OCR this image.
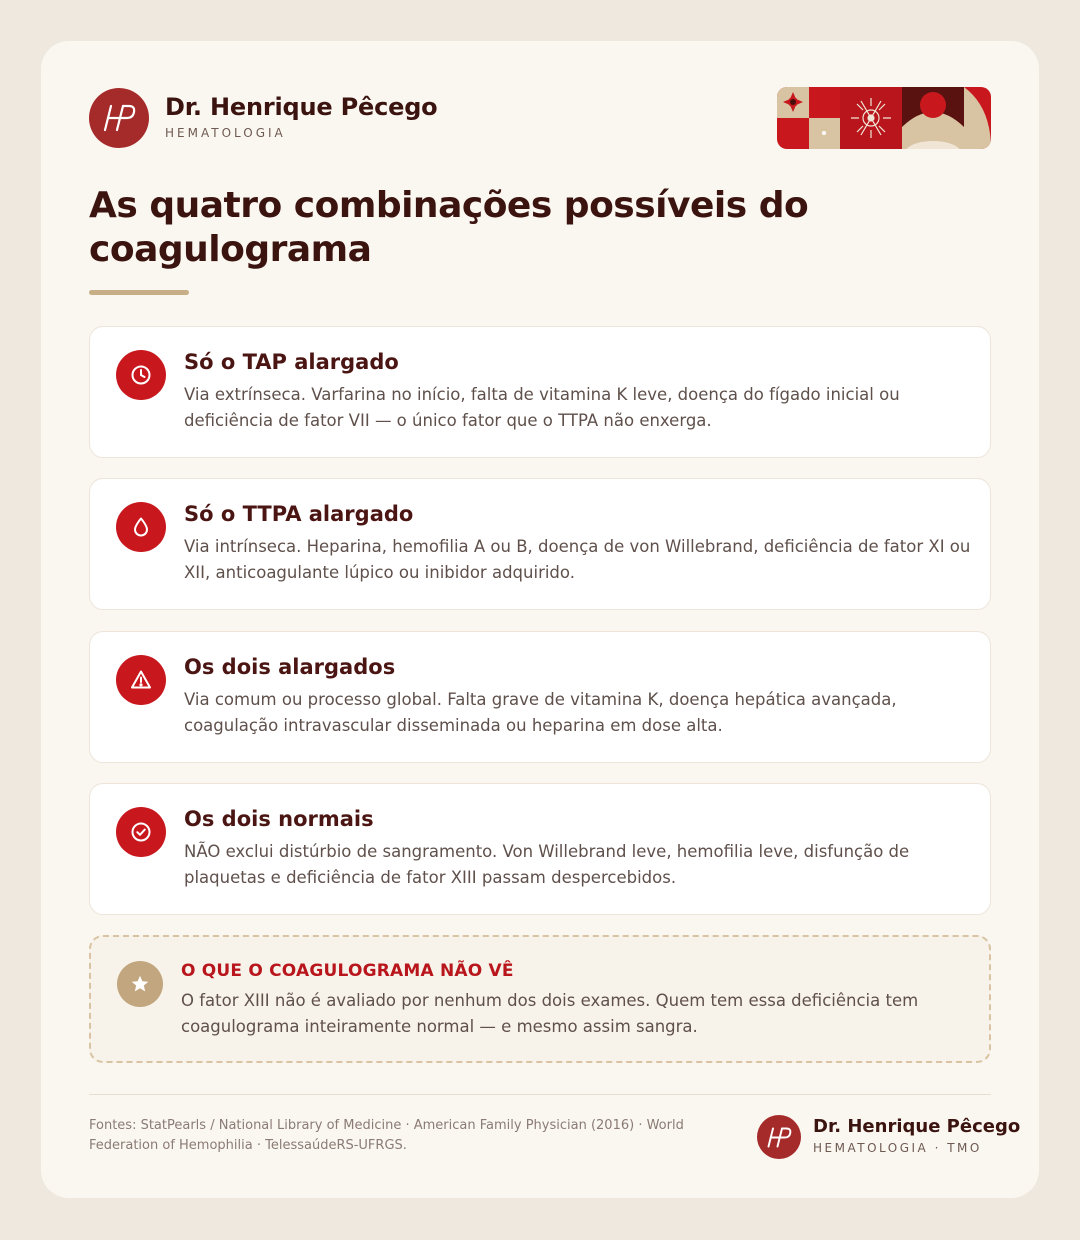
Dr. Henrique Pêcego
HEMATOLOGIA
As quatro combinações possíveis do coagulograma
Só o TAP alargado
Via extrínseca. Varfarina no início, falta de vitamina K leve, doença do fígado inicial ou deficiência de fator VII — o único fator que o TTPA não enxerga.
Só o TTPA alargado
Via intrínseca. Heparina, hemofilia A ou B, doença de von Willebrand, deficiência de fator XI ou XII, anticoagulante lúpico ou inibidor adquirido.
Os dois alargados
Via comum ou processo global. Falta grave de vitamina K, doença hepática avançada, coagulação intravascular disseminada ou heparina em dose alta.
Os dois normais
NÃO exclui distúrbio de sangramento. Von Willebrand leve, hemofilia leve, disfunção de plaquetas e deficiência de fator XIII passam despercebidos.
O QUE O COAGULOGRAMA NÃO VÊ
O fator XIII não é avaliado por nenhum dos dois exames. Quem tem essa deficiência tem coagulograma inteiramente normal — e mesmo assim sangra.
Fontes: StatPearls / National Library of Medicine · American Family Physician (2016) · World Federation of Hemophilia · TelessaúdeRS-UFRGS.
Dr. Henrique Pêcego
HEMATOLOGIA · TMO
